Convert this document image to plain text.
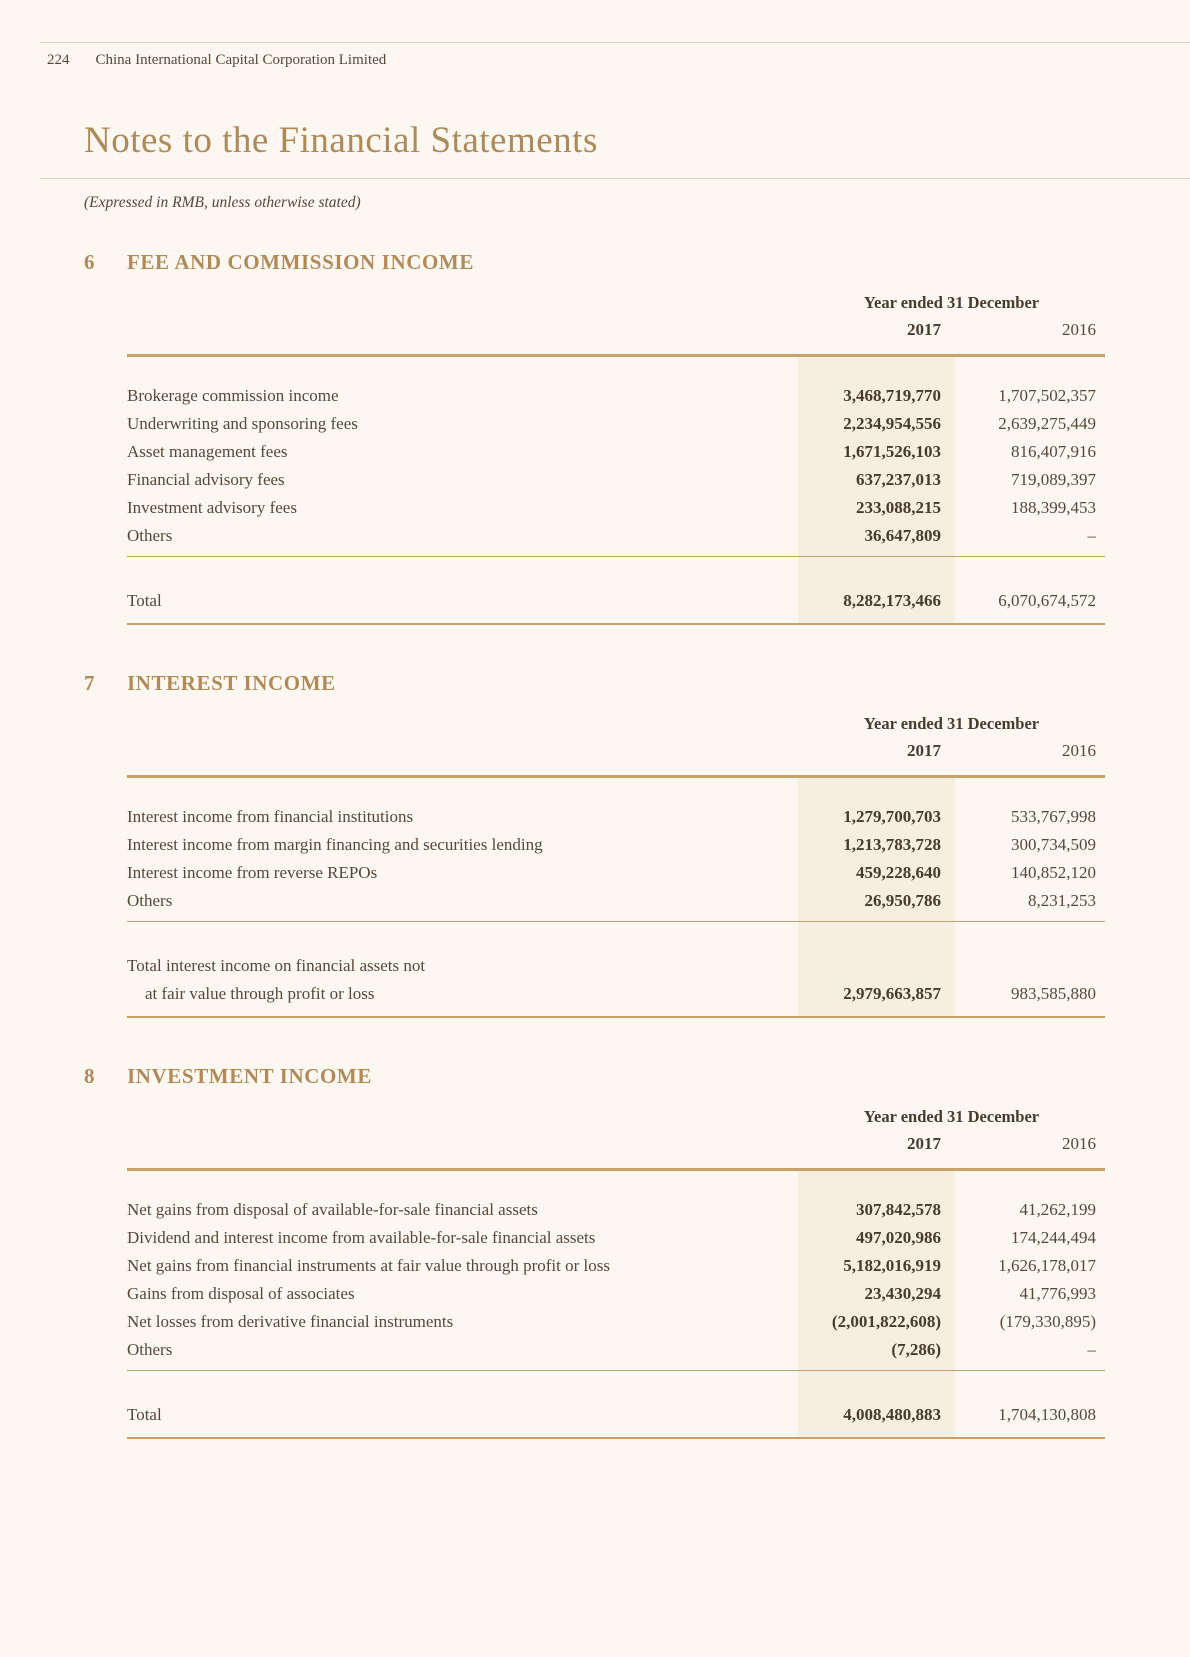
224 China International Capital Corporation Limited
Notes to the Financial Statements
(Expressed in RMB, unless otherwise stated)
6	FEE AND COMMISSION INCOME
	Year ended 31 December	
	2017	2016

Brokerage commission income	3,468,719,770	1,707,502,357
Underwriting and sponsoring fees	2,234,954,556	2,639,275,449
Asset management fees	1,671,526,103	816,407,916
Financial advisory fees	637,237,013	719,089,397
Investment advisory fees	233,088,215	188,399,453
Others	36,647,809	–

Total	8,282,173,466	6,070,674,572
7	INTEREST INCOME
	Year ended 31 December	
	2017	2016

Interest income from financial institutions	1,279,700,703	533,767,998
Interest income from margin financing and securities lending	1,213,783,728	300,734,509
Interest income from reverse REPOs	459,228,640	140,852,120
Others	26,950,786	8,231,253

Total interest income on financial assets not		
at fair value through profit or loss	2,979,663,857	983,585,880
8	INVESTMENT INCOME
	Year ended 31 December	
	2017	2016

Net gains from disposal of available-for-sale financial assets	307,842,578	41,262,199
Dividend and interest income from available-for-sale financial assets	497,020,986	174,244,494
Net gains from financial instruments at fair value through profit or loss	5,182,016,919	1,626,178,017
Gains from disposal of associates	23,430,294	41,776,993
Net losses from derivative financial instruments	(2,001,822,608)	(179,330,895)
Others	(7,286)	–

Total	4,008,480,883	1,704,130,808
